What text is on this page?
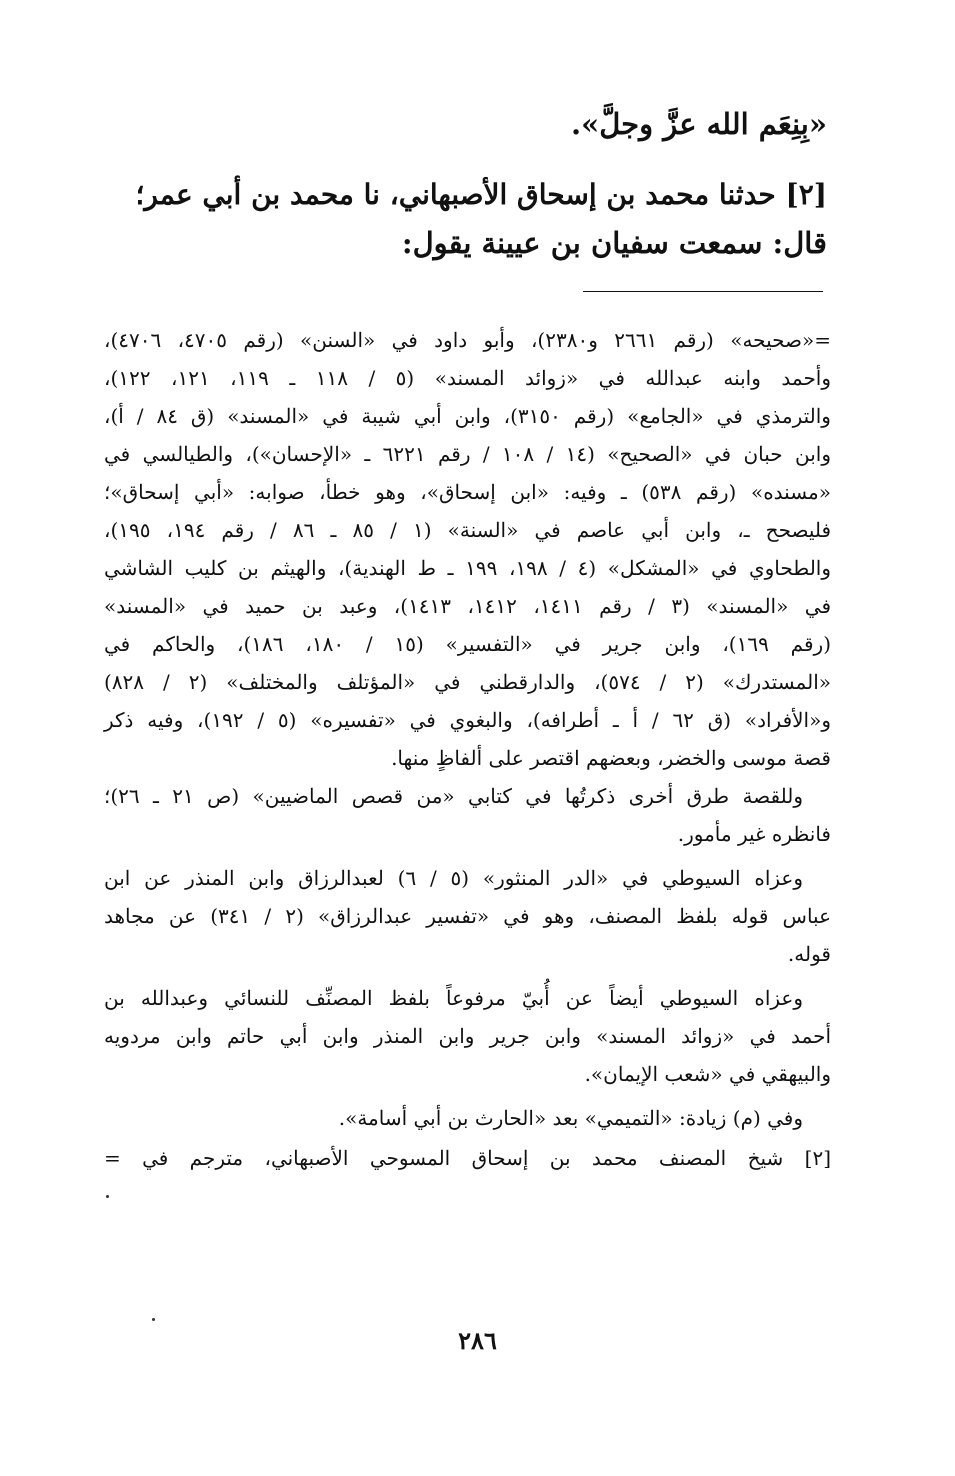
«بِنِعَم الله عزَّ وجلَّ».
[٢] حدثنا محمد بن إسحاق الأصبهاني، نا محمد بن أبي عمر؛
قال: سمعت سفيان بن عيينة يقول:
=«صحيحه» (رقم ٢٦٦١ و٢٣٨٠)، وأبو داود في «السنن» (رقم ٤٧٠٥، ٤٧٠٦)،
وأحمد وابنه عبدالله في «زوائد المسند» (٥ / ١١٨ ـ ١١٩، ١٢١، ١٢٢)،
والترمذي في «الجامع» (رقم ٣١٥٠)، وابن أبي شيبة في «المسند» (ق ٨٤ / أ)،
وابن حبان في «الصحيح» (١٤ / ١٠٨ / رقم ٦٢٢١ ـ «الإحسان»)، والطيالسي في
«مسنده» (رقم ٥٣٨) ـ وفيه: «ابن إسحاق»، وهو خطأ، صوابه: «أبي إسحاق»؛
فليصحح ـ، وابن أبي عاصم في «السنة» (١ / ٨٥ ـ ٨٦ / رقم ١٩٤، ١٩٥)،
والطحاوي في «المشكل» (٤ / ١٩٨، ١٩٩ ـ ط الهندية)، والهيثم بن كليب الشاشي
في «المسند» (٣ / رقم ١٤١١، ١٤١٢، ١٤١٣)، وعبد بن حميد في «المسند»
(رقم ١٦٩)، وابن جرير في «التفسير» (١٥ / ١٨٠، ١٨٦)، والحاكم في
«المستدرك» (٢ / ٥٧٤)، والدارقطني في «المؤتلف والمختلف» (٢ / ٨٢٨)
و«الأفراد» (ق ٦٢ / أ ـ أطرافه)، والبغوي في «تفسيره» (٥ / ١٩٢)، وفيه ذكر
قصة موسى والخضر، وبعضهم اقتصر على ألفاظٍ منها.
وللقصة طرق أخرى ذكرتُها في كتابي «من قصص الماضيين» (ص ٢١ ـ ٢٦)؛
فانظره غير مأمور.
وعزاه السيوطي في «الدر المنثور» (٥ / ٦) لعبدالرزاق وابن المنذر عن ابن
عباس قوله بلفظ المصنف، وهو في «تفسير عبدالرزاق» (٢ / ٣٤١) عن مجاهد
قوله.
وعزاه السيوطي أيضاً عن أُبيّ مرفوعاً بلفظ المصنِّف للنسائي وعبدالله بن
أحمد في «زوائد المسند» وابن جرير وابن المنذر وابن أبي حاتم وابن مردويه
والبيهقي في «شعب الإيمان».
وفي (م) زيادة: «التميمي» بعد «الحارث بن أبي أسامة».
[٢] شيخ المصنف محمد بن إسحاق المسوحي الأصبهاني، مترجم في =
٢٨٦
